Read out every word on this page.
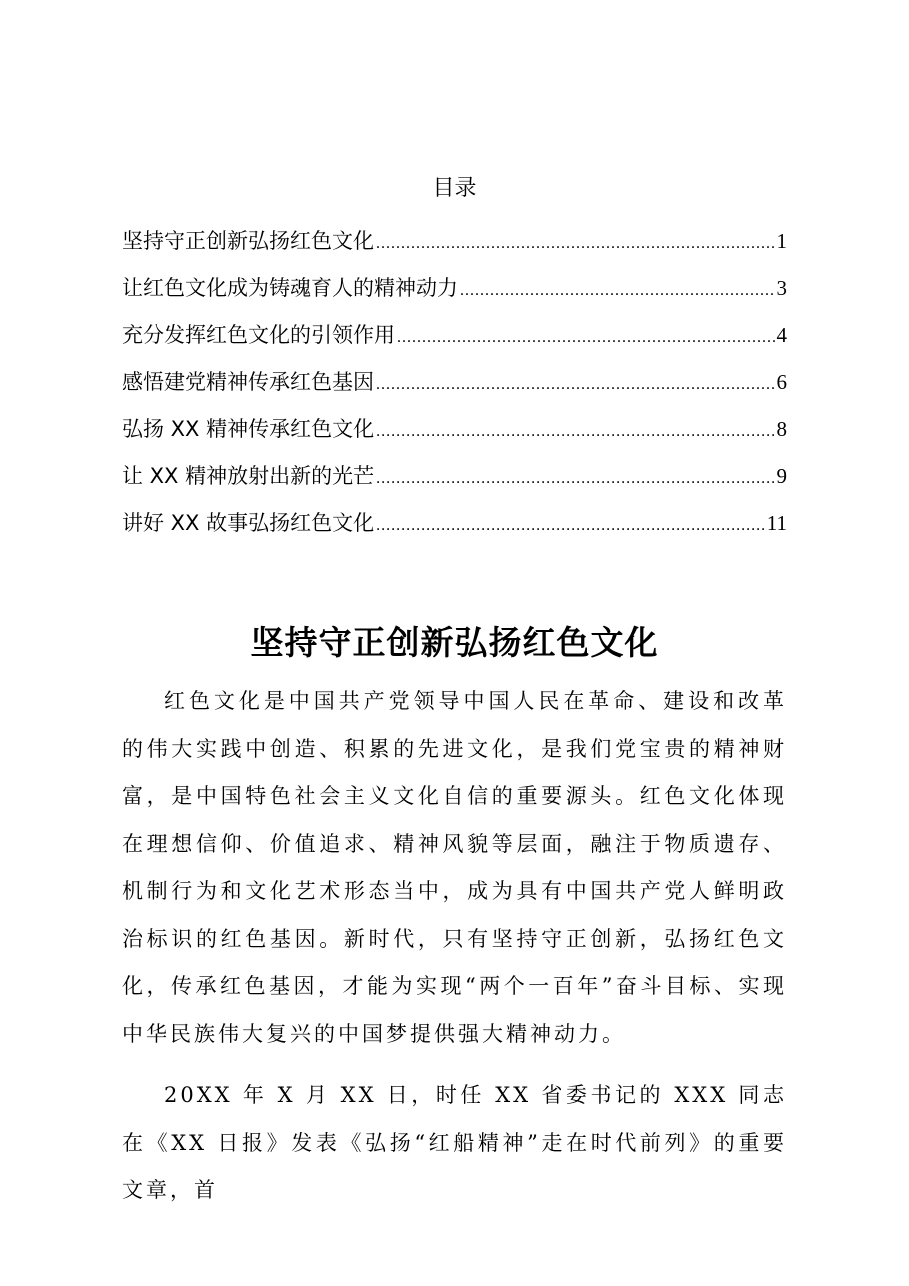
目录
坚持守正创新弘扬红色文化 .....	1
让红色文化成为铸魂育人的精神动力 .....	3
充分发挥红色文化的引领作用 .....	4
感悟建党精神传承红色基因 .....	6
弘扬 XX 精神传承红色文化 .....	8
让 XX 精神放射出新的光芒 .....	9
讲好 XX 故事弘扬红色文化 .....	11
坚持守正创新弘扬红色文化

红色文化是中国共产党领导中国人民在革命、建设和改革的伟大实践中创造、积累的先进文化，是我们党宝贵的精神财富，是中国特色社会主义文化自信的重要源头。红色文化体现在理想信仰、价值追求、精神风貌等层面，融注于物质遗存、机制行为和文化艺术形态当中，成为具有中国共产党人鲜明政治标识的红色基因。新时代，只有坚持守正创新，弘扬红色文化，传承红色基因，才能为实现“两个一百年”奋斗目标、实现中华民族伟大复兴的中国梦提供强大精神动力。

20XX 年 X 月 XX 日，时任 XX 省委书记的 XXX 同志在《XX 日报》发表《弘扬“红船精神”走在时代前列》的重要文章，首
